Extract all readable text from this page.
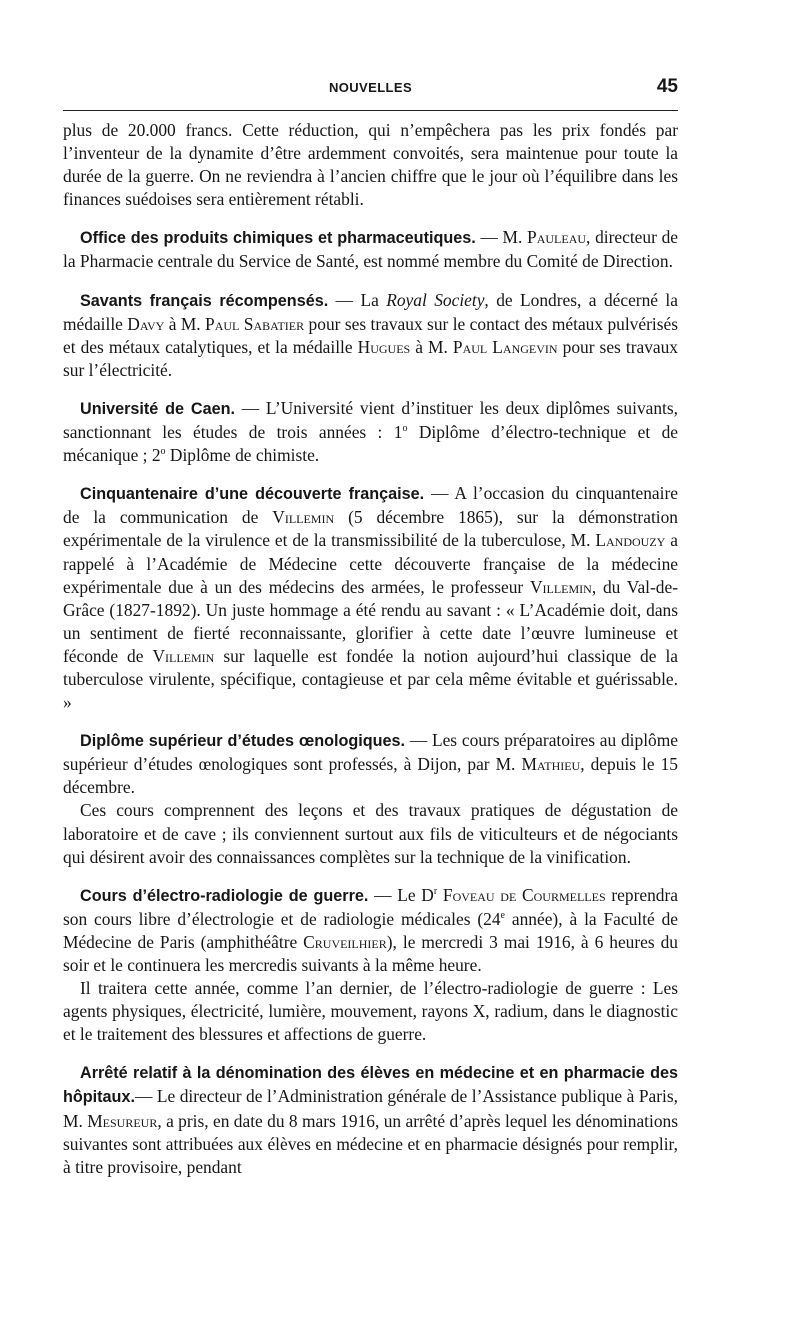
NOUVELLES	45

plus de 20.000 francs. Cette réduction, qui n’empêchera pas les prix fondés par l’inventeur de la dynamite d’être ardemment convoités, sera maintenue pour toute la durée de la guerre. On ne reviendra à l’ancien chiffre que le jour où l’équilibre dans les finances suédoises sera entièrement rétabli.

Office des produits chimiques et pharmaceutiques. — M. Pauleau, directeur de la Pharmacie centrale du Service de Santé, est nommé membre du Comité de Direction.

Savants français récompensés. — La Royal Society, de Londres, a décerné la médaille Davy à M. Paul Sabatier pour ses travaux sur le contact des métaux pulvérisés et des métaux catalytiques, et la médaille Hugues à M. Paul Langevin pour ses travaux sur l’électricité.

Université de Caen. — L’Université vient d’instituer les deux diplômes suivants, sanctionnant les études de trois années : 1$^o$ Diplôme d’électro-technique et de mécanique ; 2$^o$ Diplôme de chimiste.

Cinquantenaire d’une découverte française. — A l’occasion du cinquantenaire de la communication de Villemin (5 décembre 1865), sur la démonstration expérimentale de la virulence et de la transmissibilité de la tuberculose, M. Landouzy a rappelé à l’Académie de Médecine cette découverte française de la médecine expérimentale due à un des médecins des armées, le professeur Villemin, du Val-de-Grâce (1827-1892). Un juste hommage a été rendu au savant : « L’Académie doit, dans un sentiment de fierté reconnaissante, glorifier à cette date l’œuvre lumineuse et féconde de Villemin sur laquelle est fondée la notion aujourd’hui classique de la tuberculose virulente, spécifique, contagieuse et par cela même évitable et guérissable. »

Diplôme supérieur d’études œnologiques. — Les cours préparatoires au diplôme supérieur d’études œnologiques sont professés, à Dijon, par M. Mathieu, depuis le 15 décembre.

Ces cours comprennent des leçons et des travaux pratiques de dégustation de laboratoire et de cave ; ils conviennent surtout aux fils de viticulteurs et de négociants qui désirent avoir des connaissances complètes sur la technique de la vinification.

Cours d’électro-radiologie de guerre. — Le $D^r$ Foveau de Courmelles reprendra son cours libre d’électrologie et de radiologie médicales (24e année), à la Faculté de Médecine de Paris (amphithéâtre Cruveilhier), le mercredi 3 mai 1916, à 6 heures du soir et le continuera les mercredis suivants à la même heure.

Il traitera cette année, comme l’an dernier, de l’électro-radiologie de guerre : Les agents physiques, électricité, lumière, mouvement, rayons X, radium, dans le diagnostic et le traitement des blessures et affections de guerre.

Arrêté relatif à la dénomination des élèves en médecine et en pharmacie des hôpitaux.— Le directeur de l’Administration générale de l’Assistance publique à Paris, M. Mesureur, a pris, en date du 8 mars 1916, un arrêté d’après lequel les dénominations suivantes sont attribuées aux élèves en médecine et en pharmacie désignés pour remplir, à titre provisoire, pendant
